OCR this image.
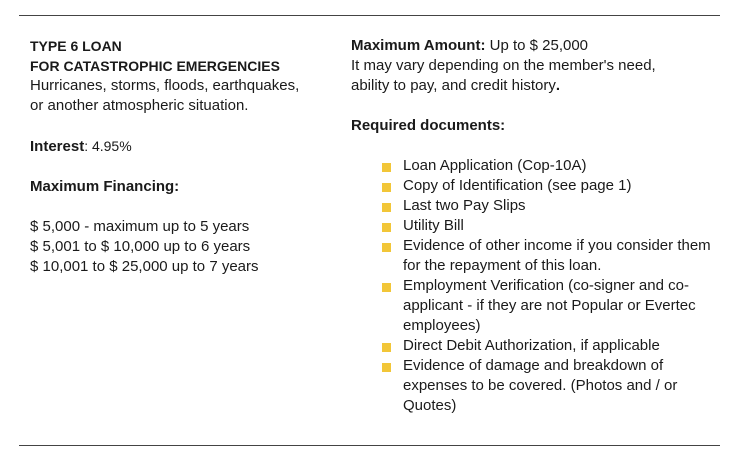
TYPE 6 LOAN
FOR CATASTROPHIC EMERGENCIES
Hurricanes, storms, floods, earthquakes,
or another atmospheric situation.
Interest: 4.95%
Maximum Financing:
$ 5,000 - maximum up to 5 years
$ 5,001 to $ 10,000 up to 6 years
$ 10,001 to $ 25,000 up to 7 years
Maximum Amount: Up to $ 25,000
It may vary depending on the member's need,
ability to pay, and credit history.
Required documents:
Loan Application (Cop-10A)
Copy of Identification (see page 1)
Last two Pay Slips
Utility Bill
Evidence of other income if you consider them for the repayment of this loan.
Employment Verification (co-signer and co-applicant - if they are not Popular or Evertec employees)
Direct Debit Authorization, if applicable
Evidence of damage and breakdown of expenses to be covered. (Photos and / or Quotes)
